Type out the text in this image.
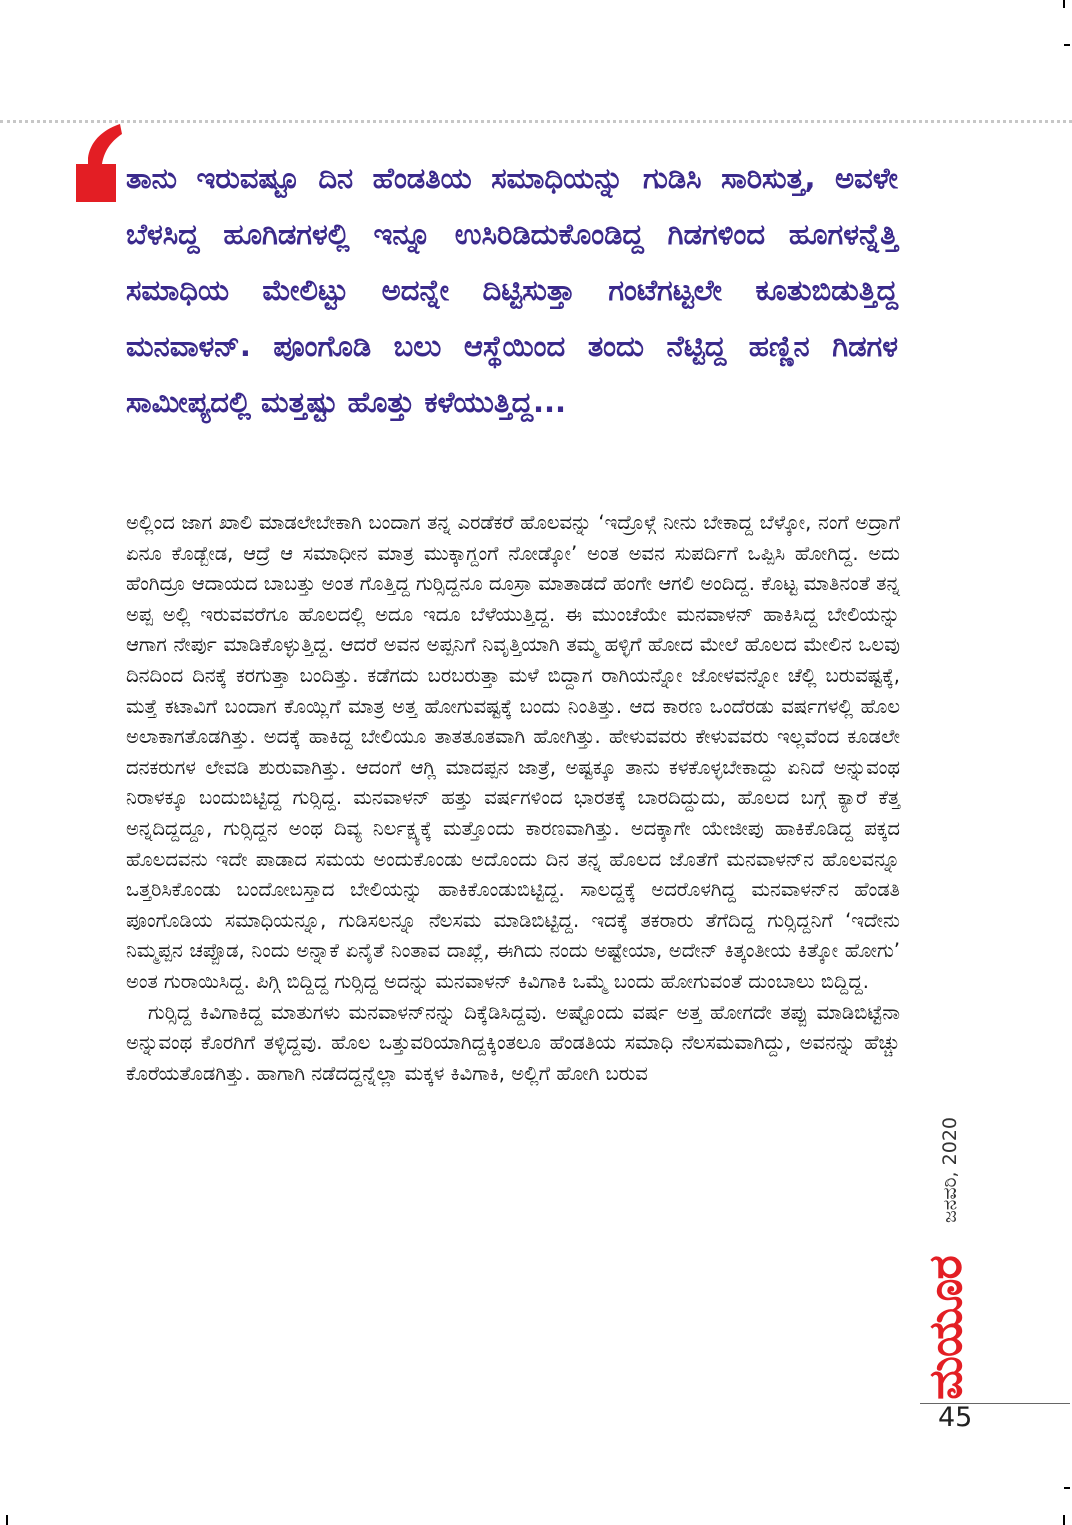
ತಾನು ಇರುವಷ್ಟೂ ದಿನ ಹೆಂಡತಿಯ ಸಮಾಧಿಯನ್ನು ಗುಡಿಸಿ ಸಾರಿಸುತ್ತ, ಅವಳೇ ಬೆಳಸಿದ್ದ ಹೂಗಿಡಗಳಲ್ಲಿ ಇನ್ನೂ ಉಸಿರಿಡಿದುಕೊಂಡಿದ್ದ ಗಿಡಗಳಿಂದ ಹೂಗಳನ್ನೆತ್ತಿ ಸಮಾಧಿಯ ಮೇಲಿಟ್ಟು ಅದನ್ನೇ ದಿಟ್ಟಿಸುತ್ತಾ ಗಂಟೆಗಟ್ಟಲೇ ಕೂತುಬಿಡುತ್ತಿದ್ದ ಮನವಾಳನ್. ಪೂಂಗೊಡಿ ಬಲು ಆಸ್ಥೆಯಿಂದ ತಂದು ನೆಟ್ಟಿದ್ದ ಹಣ್ಣಿನ ಗಿಡಗಳ ಸಾಮೀಪ್ಯದಲ್ಲಿ ಮತ್ತಷ್ಟು ಹೊತ್ತು ಕಳೆಯುತ್ತಿದ್ದ...

ಅಲ್ಲಿಂದ ಜಾಗ ಖಾಲಿ ಮಾಡಲೇಬೇಕಾಗಿ ಬಂದಾಗ ತನ್ನ ಎರಡೆಕರೆ ಹೊಲವನ್ನು ‘ಇದ್ರೊಳ್ಗೆ ನೀನು ಬೇಕಾದ್ದ ಬೆಳ್ಕೋ, ನಂಗೆ ಅದ್ರಾಗೆ ಏನೂ ಕೊಡ್ಬೇಡ, ಆದ್ರೆ ಆ ಸಮಾಧೀನ ಮಾತ್ರ ಮುಕ್ಕಾಗ್ದಂಗೆ ನೋಡ್ಕೋ’ ಅಂತ ಅವನ ಸುಪರ್ದಿಗೆ ಒಪ್ಪಿಸಿ ಹೋಗಿದ್ದ. ಅದು ಹೆಂಗಿದ್ರೂ ಆದಾಯದ ಬಾಬತ್ತು ಅಂತ ಗೊತ್ತಿದ್ದ ಗುರ್‍ಸಿದ್ದನೂ ದೂಸ್ರಾ ಮಾತಾಡದೆ ಹಂಗೇ ಆಗಲಿ ಅಂದಿದ್ದ. ಕೊಟ್ಟ ಮಾತಿನಂತೆ ತನ್ನ ಅಪ್ಪ ಅಲ್ಲಿ ಇರುವವರೆಗೂ ಹೊಲದಲ್ಲಿ ಅದೂ ಇದೂ ಬೆಳೆಯುತ್ತಿದ್ದ. ಈ ಮುಂಚೆಯೇ ಮನವಾಳನ್ ಹಾಕಿಸಿದ್ದ ಬೇಲಿಯನ್ನು ಆಗಾಗ ನೇರ್ಪು ಮಾಡಿಕೊಳ್ಳುತ್ತಿದ್ದ. ಆದರೆ ಅವನ ಅಪ್ಪನಿಗೆ ನಿವೃತ್ತಿಯಾಗಿ ತಮ್ಮ ಹಳ್ಳಿಗೆ ಹೋದ ಮೇಲೆ ಹೊಲದ ಮೇಲಿನ ಒಲವು ದಿನದಿಂದ ದಿನಕ್ಕೆ ಕರಗುತ್ತಾ ಬಂದಿತ್ತು. ಕಡೆಗದು ಬರಬರುತ್ತಾ ಮಳೆ ಬಿದ್ದಾಗ ರಾಗಿಯನ್ನೋ ಜೋಳವನ್ನೋ ಚೆಲ್ಲಿ ಬರುವಷ್ಟಕ್ಕೆ, ಮತ್ತೆ ಕಟಾವಿಗೆ ಬಂದಾಗ ಕೊಯ್ಲಿಗೆ ಮಾತ್ರ ಅತ್ತ ಹೋಗುವಷ್ಟಕ್ಕೆ ಬಂದು ನಿಂತಿತ್ತು. ಆದ ಕಾರಣ ಒಂದೆರಡು ವರ್ಷಗಳಲ್ಲಿ ಹೊಲ ಅಲಾಕಾಗತೊಡಗಿತ್ತು. ಅದಕ್ಕೆ ಹಾಕಿದ್ದ ಬೇಲಿಯೂ ತಾತತೂತವಾಗಿ ಹೋಗಿತ್ತು. ಹೇಳುವವರು ಕೇಳುವವರು ಇಲ್ಲವೆಂದ ಕೂಡಲೇ ದನಕರುಗಳ ಲೇವಡಿ ಶುರುವಾಗಿತ್ತು. ಆದಂಗೆ ಆಗ್ಲಿ ಮಾದಪ್ಪನ ಜಾತ್ರೆ, ಅಷ್ಟಕ್ಕೂ ತಾನು ಕಳಕೊಳ್ಳಬೇಕಾದ್ದು ಏನಿದೆ ಅನ್ನುವಂಥ ನಿರಾಳಕ್ಕೂ ಬಂದುಬಿಟ್ಟಿದ್ದ ಗುರ್‍ಸಿದ್ದ. ಮನವಾಳನ್ ಹತ್ತು ವರ್ಷಗಳಿಂದ ಭಾರತಕ್ಕೆ ಬಾರದಿದ್ದುದು, ಹೊಲದ ಬಗ್ಗೆ ಕ್ಯಾರೆ ಕೆತ್ತ ಅನ್ನದಿದ್ದದ್ದೂ, ಗುರ್‍ಸಿದ್ದನ ಅಂಥ ದಿವ್ಯ ನಿರ್ಲಕ್ಷ್ಯಕ್ಕೆ ಮತ್ತೊಂದು ಕಾರಣವಾಗಿತ್ತು. ಅದಕ್ಕಾಗೇ ಯೇಜೀಪು ಹಾಕಿಕೊಡಿದ್ದ ಪಕ್ಕದ ಹೊಲದವನು ಇದೇ ಪಾಡಾದ ಸಮಯ ಅಂದುಕೊಂಡು ಅದೊಂದು ದಿನ ತನ್ನ ಹೊಲದ ಜೊತೆಗೆ ಮನವಾಳನ್‌ನ ಹೊಲವನ್ನೂ ಒತ್ತರಿಸಿಕೊಂಡು ಬಂದೋಬಸ್ತಾದ ಬೇಲಿಯನ್ನು ಹಾಕಿಕೊಂಡುಬಿಟ್ಟಿದ್ದ. ಸಾಲದ್ದಕ್ಕೆ ಅದರೊಳಗಿದ್ದ ಮನವಾಳನ್‌ನ ಹೆಂಡತಿ ಪೂಂಗೊಡಿಯ ಸಮಾಧಿಯನ್ನೂ, ಗುಡಿಸಲನ್ನೂ ನೆಲಸಮ ಮಾಡಿಬಿಟ್ಟಿದ್ದ. ಇದಕ್ಕೆ ತಕರಾರು ತೆಗೆದಿದ್ದ ಗುರ್‍ಸಿದ್ದನಿಗೆ ‘ಇದೇನು ನಿಮ್ಮಪ್ಪನ ಚಪ್ಪೊಡ, ನಿಂದು ಅನ್ನಾಕೆ ಏನೈತೆ ನಿಂತಾವ ದಾಖ್ಲೆ, ಈಗಿದು ನಂದು ಅಷ್ಟೇಯಾ, ಅದೇನ್ ಕಿತ್ಕಂತೀಯ ಕಿತ್ಕೋ ಹೋಗು’ ಅಂತ ಗುರಾಯಿಸಿದ್ದ. ಪಿಗ್ಗಿ ಬಿದ್ದಿದ್ದ ಗುರ್‍ಸಿದ್ದ ಅದನ್ನು ಮನವಾಳನ್ ಕಿವಿಗಾಕಿ ಒಮ್ಮೆ ಬಂದು ಹೋಗುವಂತೆ ದುಂಬಾಲು ಬಿದ್ದಿದ್ದ.

ಗುರ್‍ಸಿದ್ದ ಕಿವಿಗಾಕಿದ್ದ ಮಾತುಗಳು ಮನವಾಳನ್‌ನನ್ನು ದಿಕ್ಕೆಡಿಸಿದ್ದವು. ಅಷ್ಟೊಂದು ವರ್ಷ ಅತ್ತ ಹೋಗದೇ ತಪ್ಪು ಮಾಡಿಬಿಟ್ಟೆನಾ ಅನ್ನುವಂಥ ಕೊರಗಿಗೆ ತಳ್ಳಿದ್ದವು. ಹೊಲ ಒತ್ತುವರಿಯಾಗಿದ್ದಕ್ಕಿಂತಲೂ ಹೆಂಡತಿಯ ಸಮಾಧಿ ನೆಲಸಮವಾಗಿದ್ದು, ಅವನನ್ನು ಹೆಚ್ಚು ಕೊರೆಯತೊಡಗಿತ್ತು. ಹಾಗಾಗಿ ನಡೆದದ್ದನ್ನೆಲ್ಲಾ ಮಕ್ಕಳ ಕಿವಿಗಾಕಿ, ಅಲ್ಲಿಗೆ ಹೋಗಿ ಬರುವ

ಜನವರಿ, 2020
ಮಯೂರ
45
